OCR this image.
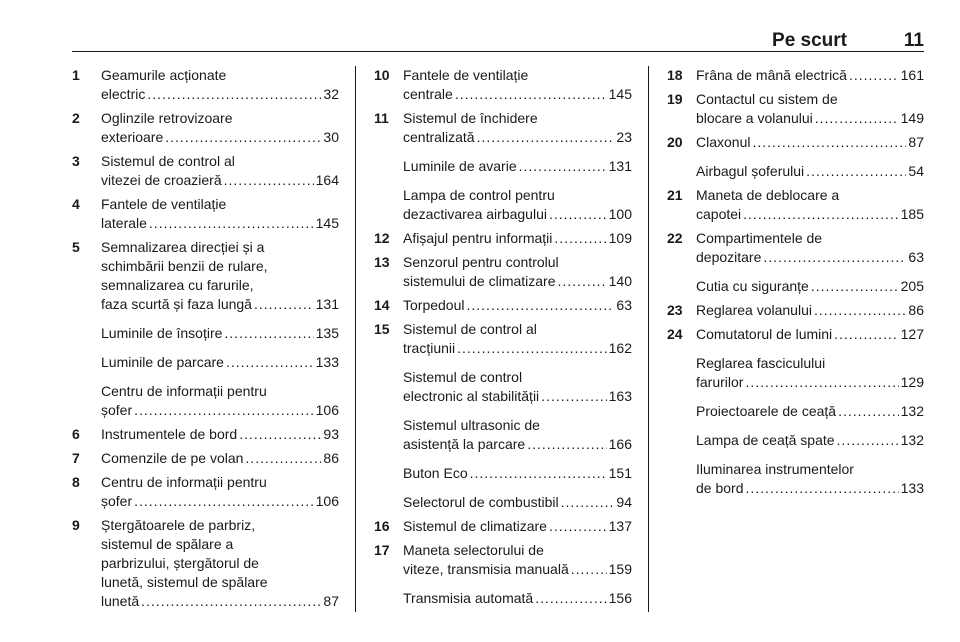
Pe scurt	11
1 Geamurile acționate
electric .....	32
2 Oglinzile retrovizoare
exterioare .....	30
3 Sistemul de control al
vitezei de croazieră .....	164
4 Fantele de ventilație
laterale .....	145
5 Semnalizarea direcției și a
schimbării benzii de rulare,
semnalizarea cu farurile,
faza scurtă și faza lungă .....	131
Luminile de însoțire .....	135
Luminile de parcare .....	133
Centru de informații pentru
șofer .....	106
6 Instrumentele de bord .....	93
7 Comenzile de pe volan .....	86
8 Centru de informații pentru
șofer .....	106
9 Ștergătoarele de parbriz,
sistemul de spălare a
parbrizului, ștergătorul de
lunetă, sistemul de spălare
lunetă .....	87
10 Fantele de ventilație
centrale .....	145
11 Sistemul de închidere
centralizată .....	23
Luminile de avarie .....	131
Lampa de control pentru
dezactivarea airbagului .....	100
12 Afișajul pentru informații .....	109
13 Senzorul pentru controlul
sistemului de climatizare .....	140
14 Torpedoul .....	63
15 Sistemul de control al
tracțiunii .....	162
Sistemul de control
electronic al stabilității .....	163
Sistemul ultrasonic de
asistență la parcare .....	166
Buton Eco .....	151
Selectorul de combustibil .....	94
16 Sistemul de climatizare .....	137
17 Maneta selectorului de
viteze, transmisia manuală .....	159
Transmisia automată .....	156
18 Frâna de mână electrică .....	161
19 Contactul cu sistem de
blocare a volanului .....	149
20 Claxonul .....	87
Airbagul șoferului .....	54
21 Maneta de deblocare a
capotei .....	185
22 Compartimentele de
depozitare .....	63
Cutia cu siguranțe .....	205
23 Reglarea volanului .....	86
24 Comutatorul de lumini .....	127
Reglarea fasciculului
farurilor .....	129
Proiectoarele de ceață .....	132
Lampa de ceață spate .....	132
Iluminarea instrumentelor
de bord .....	133
